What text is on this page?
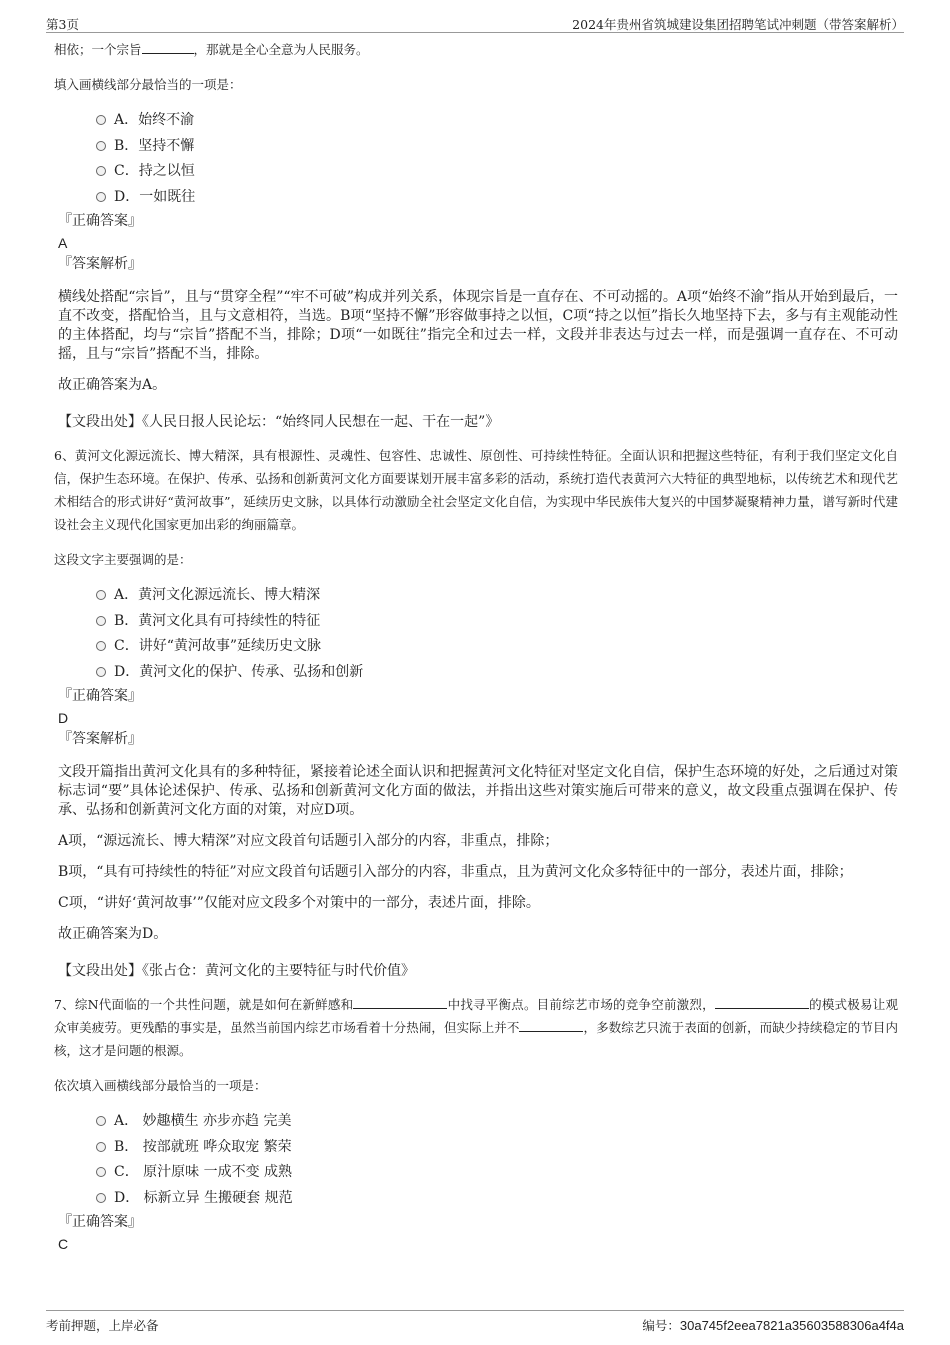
第3页	2024年贵州省筑城建设集团招聘笔试冲刺题（带答案解析）

相依；一个宗旨	，那就是全心全意为人民服务。

填入画横线部分最恰当的一项是：

A．始终不渝
B．坚持不懈
C．持之以恒
D．一如既往

『正确答案』

A

『答案解析』

横线处搭配“宗旨”，且与“贯穿全程”“牢不可破”构成并列关系，体现宗旨是一直存在、不可动摇的。A项“始终不渝”指从开始到最后，一直不改变，搭配恰当，且与文意相符，当选。B项“坚持不懈”形容做事持之以恒，C项“持之以恒”指长久地坚持下去，多与有主观能动性的主体搭配，均与“宗旨”搭配不当，排除；D项“一如既往”指完全和过去一样，文段并非表达与过去一样，而是强调一直存在、不可动摇，且与“宗旨”搭配不当，排除。

故正确答案为A。

【文段出处】《人民日报人民论坛：“始终同人民想在一起、干在一起”》

6、黄河文化源远流长、博大精深，具有根源性、灵魂性、包容性、忠诚性、原创性、可持续性特征。全面认识和把握这些特征，有利于我们坚定文化自信，保护生态环境。在保护、传承、弘扬和创新黄河文化方面要谋划开展丰富多彩的活动，系统打造代表黄河六大特征的典型地标，以传统艺术和现代艺术相结合的形式讲好“黄河故事”，延续历史文脉，以具体行动激励全社会坚定文化自信，为实现中华民族伟大复兴的中国梦凝聚精神力量，谱写新时代建设社会主义现代化国家更加出彩的绚丽篇章。

这段文字主要强调的是：

A．黄河文化源远流长、博大精深
B．黄河文化具有可持续性的特征
C．讲好“黄河故事”延续历史文脉
D．黄河文化的保护、传承、弘扬和创新

『正确答案』

D

『答案解析』

文段开篇指出黄河文化具有的多种特征，紧接着论述全面认识和把握黄河文化特征对坚定文化自信，保护生态环境的好处，之后通过对策标志词“要”具体论述保护、传承、弘扬和创新黄河文化方面的做法，并指出这些对策实施后可带来的意义，故文段重点强调在保护、传承、弘扬和创新黄河文化方面的对策，对应D项。

A项，“源远流长、博大精深”对应文段首句话题引入部分的内容，非重点，排除；

B项，“具有可持续性的特征”对应文段首句话题引入部分的内容，非重点，且为黄河文化众多特征中的一部分，表述片面，排除；

C项，“讲好‘黄河故事’”仅能对应文段多个对策中的一部分，表述片面，排除。

故正确答案为D。

【文段出处】《张占仓：黄河文化的主要特征与时代价值》

7、综N代面临的一个共性问题，就是如何在新鲜感和	中找寻平衡点。目前综艺市场的竞争空前激烈，	的模式极易让观众审美疲劳。更残酷的事实是，虽然当前国内综艺市场看着十分热闹，但实际上并不	，多数综艺只流于表面的创新，而缺少持续稳定的节目内核，这才是问题的根源。

依次填入画横线部分最恰当的一项是：

A． 妙趣横生 亦步亦趋 完美
B． 按部就班 哗众取宠 繁荣
C． 原汁原味 一成不变 成熟
D． 标新立异 生搬硬套 规范

『正确答案』

C

考前押题，上岸必备	编号：30a745f2eea7821a35603588306a4f4a
